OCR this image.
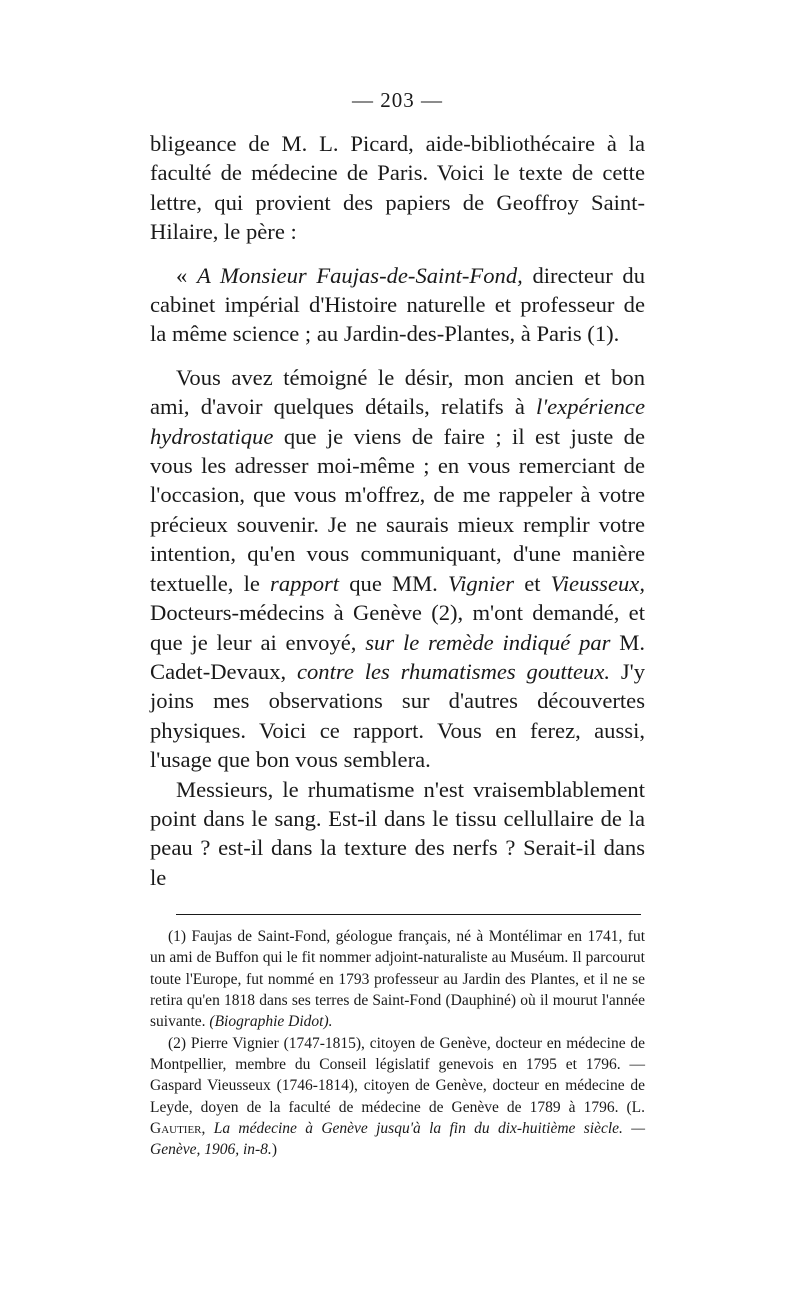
— 203 —

bligeance de M. L. Picard, aide-bibliothécaire à la faculté de médecine de Paris. Voici le texte de cette lettre, qui provient des papiers de Geoffroy Saint-Hilaire, le père :

« A Monsieur Faujas-de-Saint-Fond, directeur du cabinet impérial d'Histoire naturelle et professeur de la même science ; au Jardin-des-Plantes, à Paris (1).

Vous avez témoigné le désir, mon ancien et bon ami, d'avoir quelques détails, relatifs à l'expérience hydrostatique que je viens de faire ; il est juste de vous les adresser moi-même ; en vous remerciant de l'occasion, que vous m'offrez, de me rappeler à votre précieux souvenir. Je ne saurais mieux remplir votre intention, qu'en vous communiquant, d'une manière textuelle, le rapport que MM. Vignier et Vieusseux, Docteurs-médecins à Genève (2), m'ont demandé, et que je leur ai envoyé, sur le remède indiqué par M. Cadet-Devaux, contre les rhumatismes goutteux. J'y joins mes observations sur d'autres découvertes physiques. Voici ce rapport. Vous en ferez, aussi, l'usage que bon vous semblera.

Messieurs, le rhumatisme n'est vraisemblablement point dans le sang. Est-il dans le tissu cellullaire de la peau ? est-il dans la texture des nerfs ? Serait-il dans le

(1) Faujas de Saint-Fond, géologue français, né à Montélimar en 1741, fut un ami de Buffon qui le fit nommer adjoint-naturaliste au Muséum. Il parcourut toute l'Europe, fut nommé en 1793 professeur au Jardin des Plantes, et il ne se retira qu'en 1818 dans ses terres de Saint-Fond (Dauphiné) où il mourut l'année suivante. (Biographie Didot).

(2) Pierre Vignier (1747-1815), citoyen de Genève, docteur en médecine de Montpellier, membre du Conseil législatif genevois en 1795 et 1796. — Gaspard Vieusseux (1746-1814), citoyen de Genève, docteur en médecine de Leyde, doyen de la faculté de médecine de Genève de 1789 à 1796. (L. Gautier, La médecine à Genève jusqu'à la fin du dix-huitième siècle. — Genève, 1906, in-8.)
